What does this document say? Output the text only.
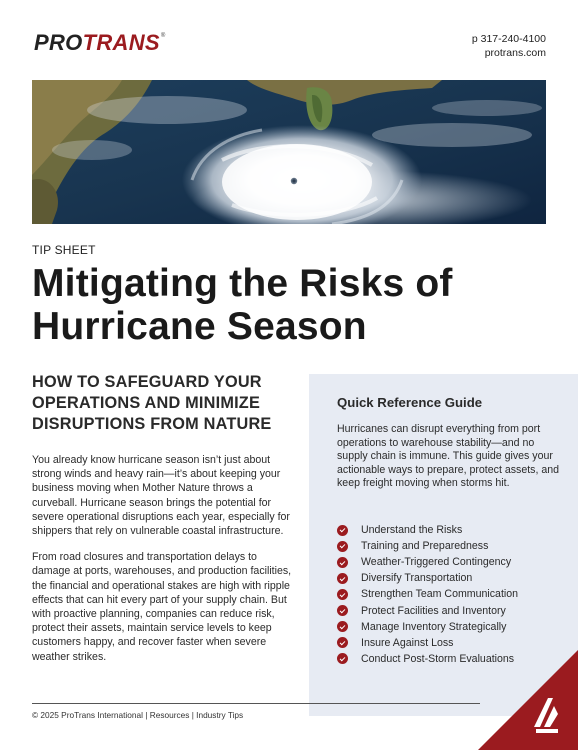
PROTRANS ®	p 317-240-4100
protrans.com
TIP SHEET
Mitigating the Risks of
Hurricane Season
HOW TO SAFEGUARD YOUR
OPERATIONS AND MINIMIZE
DISRUPTIONS FROM NATURE

You already know hurricane season isn’t just about strong winds and heavy rain—it’s about keeping your business moving when Mother Nature throws a curveball. Hurricane season brings the potential for severe operational disruptions each year, especially for shippers that rely on vulnerable coastal infrastructure.

From road closures and transportation delays to damage at ports, warehouses, and production facilities, the financial and operational stakes are high with ripple effects that can hit every part of your supply chain. But with proactive planning, companies can reduce risk, protect their assets, maintain service levels to keep customers happy, and recover faster when severe weather strikes.

Quick Reference Guide

Hurricanes can disrupt everything from port operations to warehouse stability—and no supply chain is immune. This guide gives your actionable ways to prepare, protect assets, and keep freight moving when storms hit.

Understand the Risks
Training and Preparedness
Weather-Triggered Contingency
Diversify Transportation
Strengthen Team Communication
Protect Facilities and Inventory
Manage Inventory Strategically
Insure Against Loss
Conduct Post-Storm Evaluations
© 2025 ProTrans International | Resources | Industry Tips
